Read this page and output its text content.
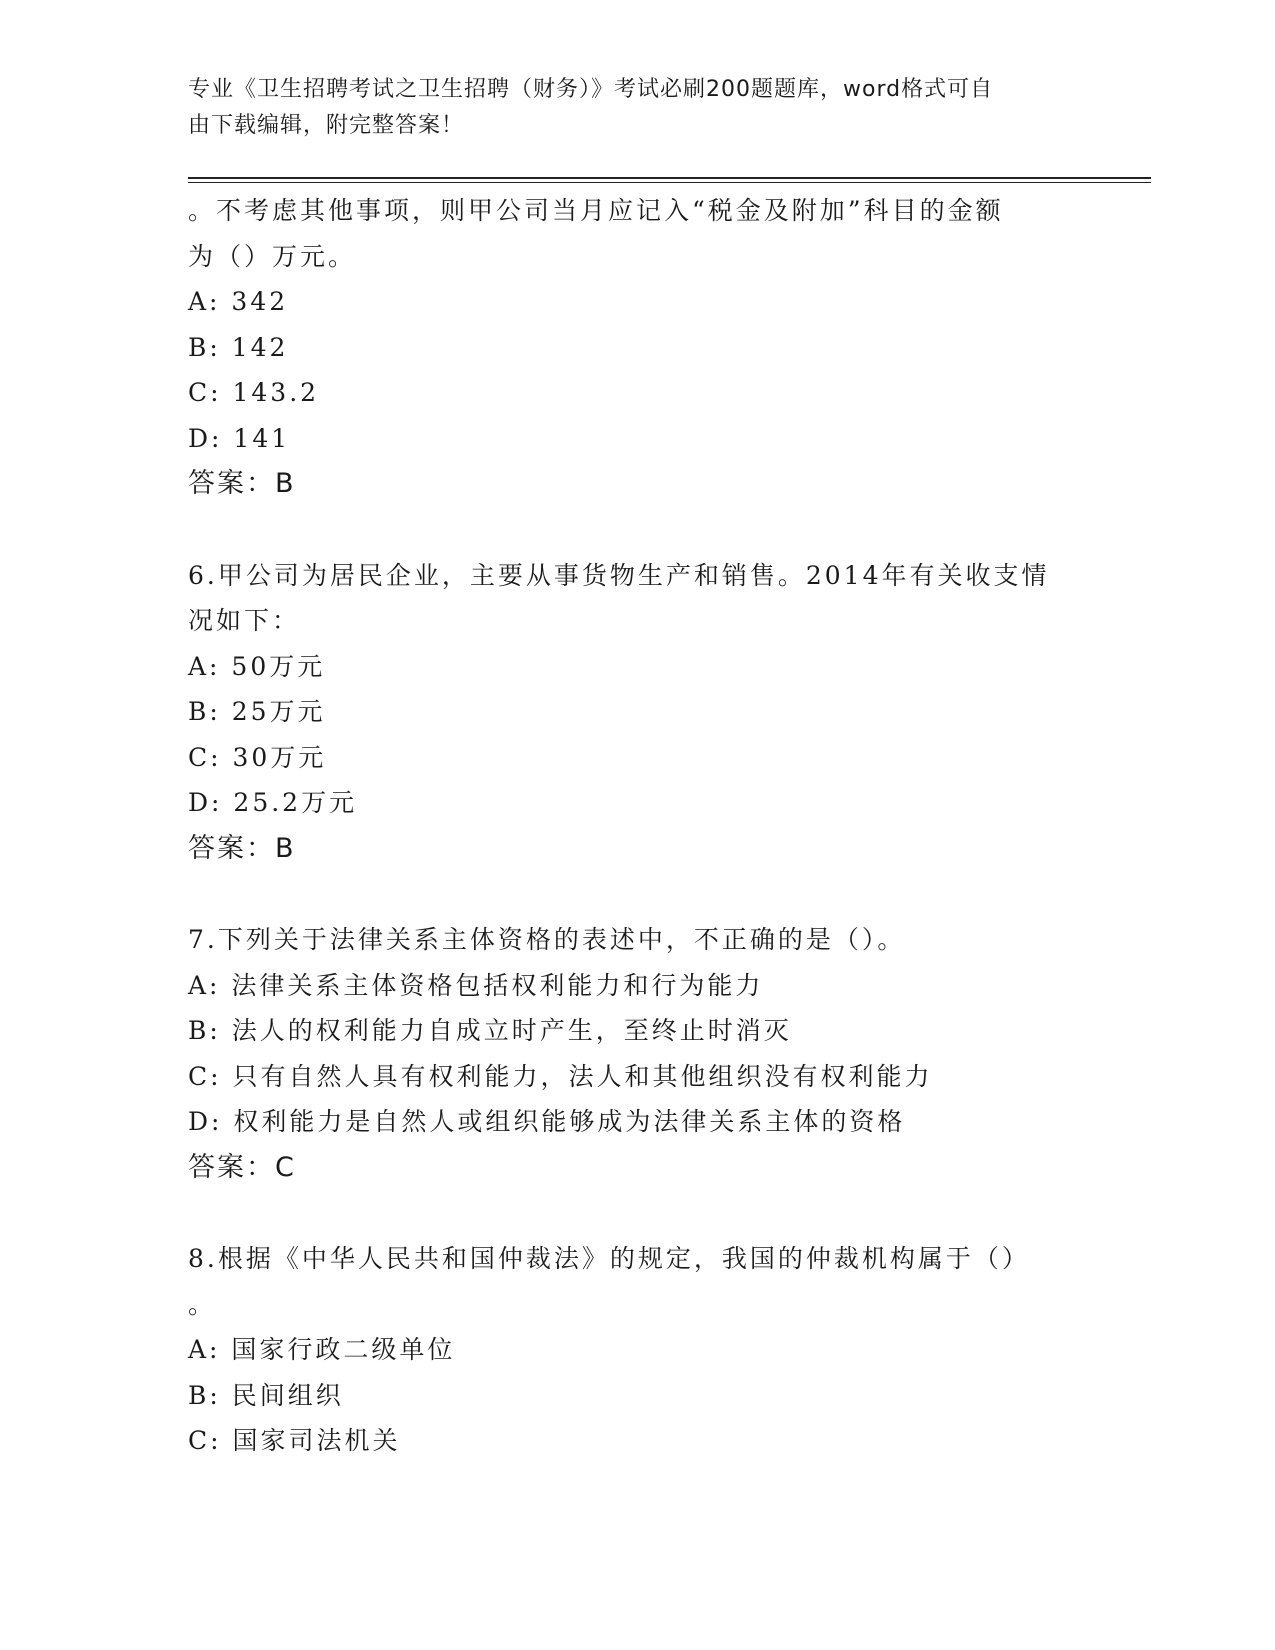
专业《卫生招聘考试之卫生招聘（财务）》考试必刷200题题库，word格式可自
由下载编辑，附完整答案！
。不考虑其他事项，则甲公司当月应记入“税金及附加”科目的金额
为（）万元。
A: 342
B: 142
C: 143.2
D: 141
答案：B
6.甲公司为居民企业，主要从事货物生产和销售。2014年有关收支情
况如下：
A: 50万元
B: 25万元
C: 30万元
D: 25.2万元
答案：B
7.下列关于法律关系主体资格的表述中，不正确的是（）。
A: 法律关系主体资格包括权利能力和行为能力
B: 法人的权利能力自成立时产生，至终止时消灭
C: 只有自然人具有权利能力，法人和其他组织没有权利能力
D: 权利能力是自然人或组织能够成为法律关系主体的资格
答案：C
8.根据《中华人民共和国仲裁法》的规定，我国的仲裁机构属于（）
。
A: 国家行政二级单位
B: 民间组织
C: 国家司法机关
